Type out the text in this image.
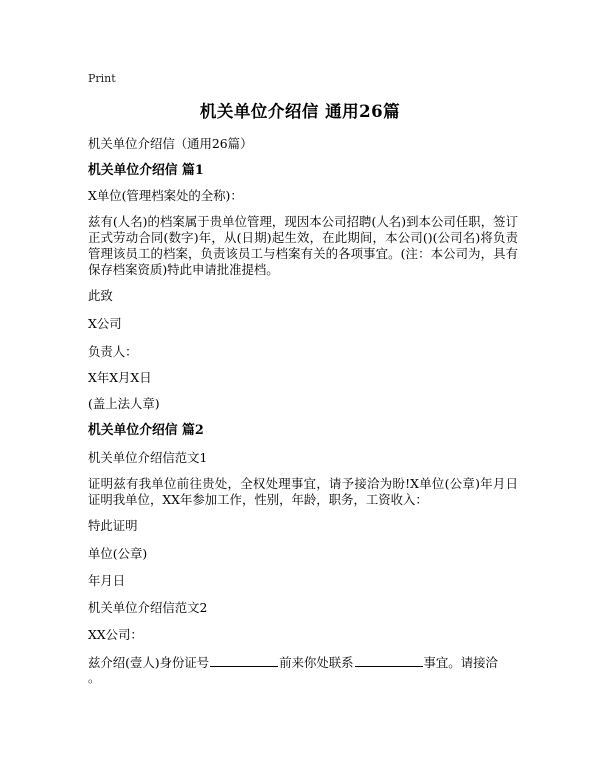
Print
机关单位介绍信 通用26篇
机关单位介绍信（通用26篇）
机关单位介绍信 篇1
X单位(管理档案处的全称)：
兹有(人名)的档案属于贵单位管理，现因本公司招聘(人名)到本公司任职，签订正式劳动合同(数字)年，从(日期)起生效，在此期间，本公司()(公司名)将负责管理该员工的档案，负责该员工与档案有关的各项事宜。(注：本公司为，具有保存档案资质)特此申请批准提档。
此致
X公司
负责人：
X年X月X日
(盖上法人章)
机关单位介绍信 篇2
机关单位介绍信范文1
证明兹有我单位前往贵处，全权处理事宜，请予接洽为盼!X单位(公章)年月日证明我单位，XX年参加工作，性别，年龄，职务，工资收入：
特此证明
单位(公章)
年月日
机关单位介绍信范文2
XX公司：
兹介绍(壹人)身份证号	前来你处联系	事宜。请接洽
。
